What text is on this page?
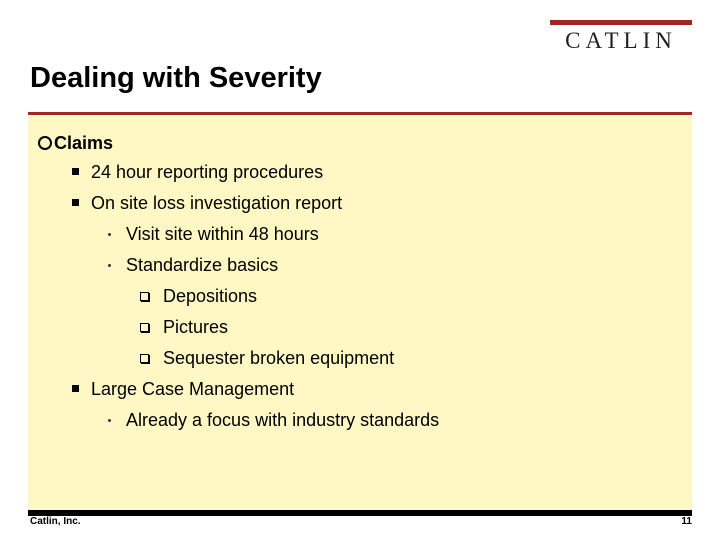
CATLIN
Dealing with Severity
Claims
24 hour reporting procedures
On site loss investigation report
Visit site within 48 hours
Standardize basics
Depositions
Pictures
Sequester broken equipment
Large Case Management
Already a focus with industry standards
Catlin, Inc.	11
